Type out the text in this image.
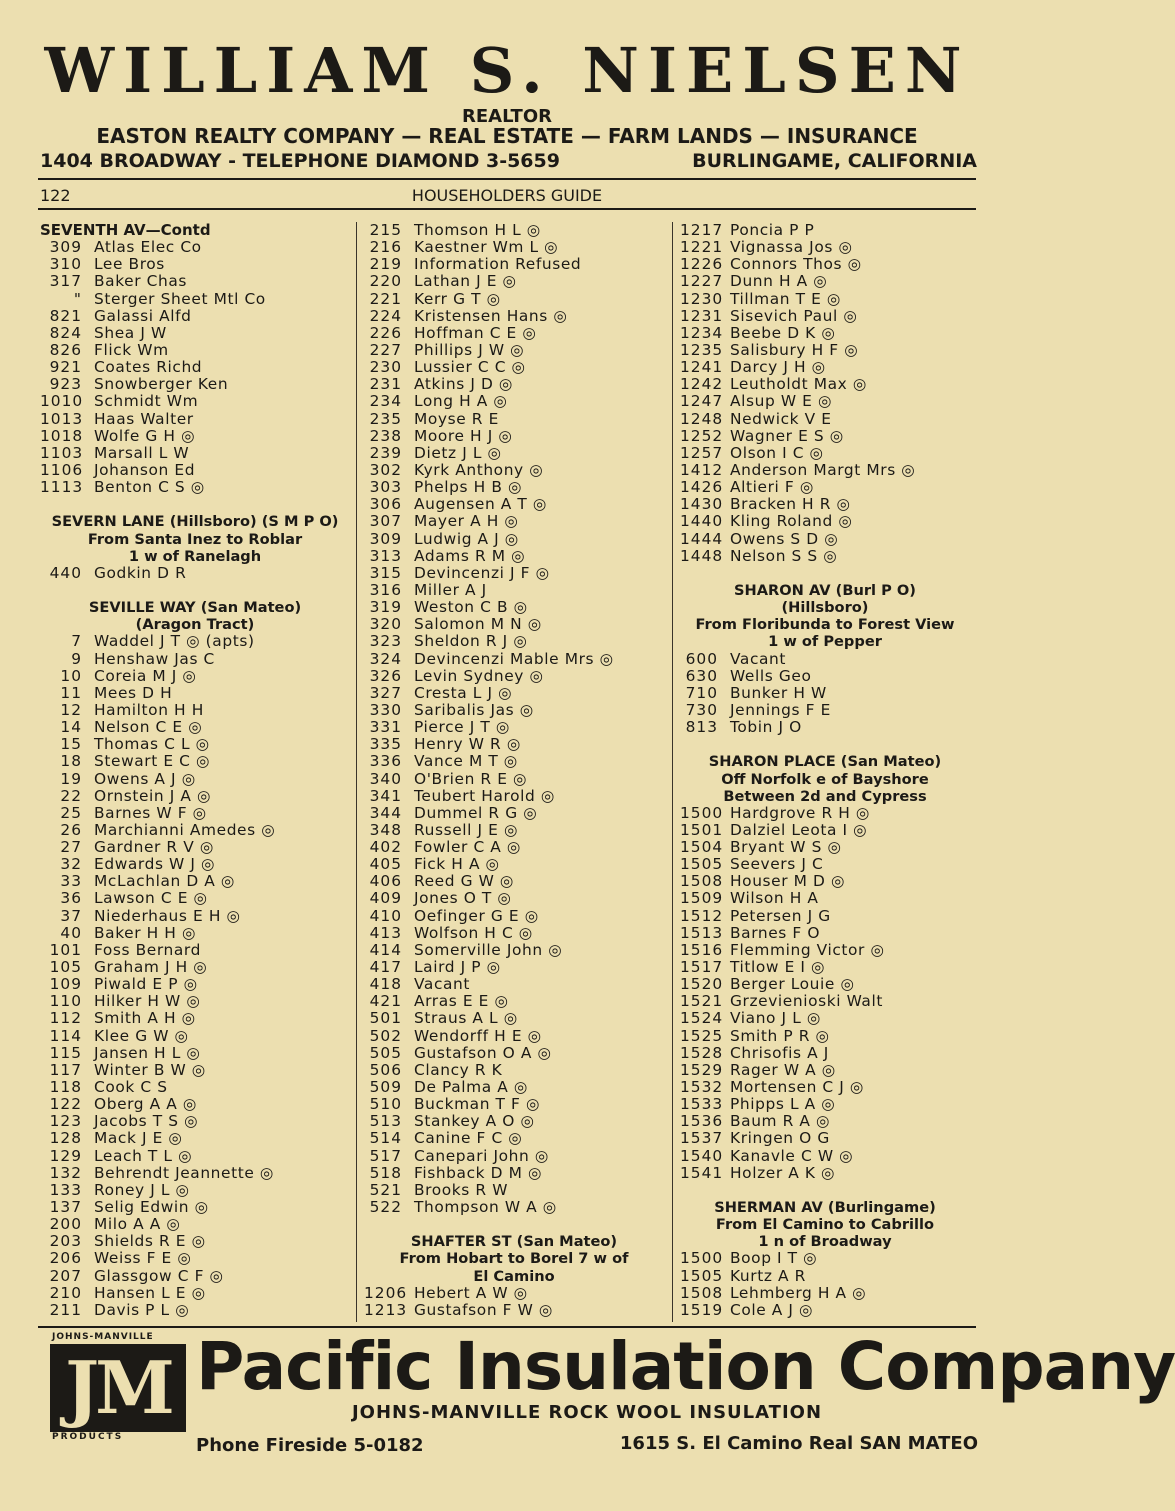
WILLIAM S. NIELSEN
REALTOR
EASTON REALTY COMPANY — REAL ESTATE — FARM LANDS — INSURANCE
1404 BROADWAY - TELEPHONE DIAMOND 3-5659	BURLINGAME, CALIFORNIA
122	HOUSEHOLDERS GUIDE
SEVENTH AV—Contd
309 Atlas Elec Co
310 Lee Bros
317 Baker Chas
" Sterger Sheet Mtl Co
821 Galassi Alfd
824 Shea J W
826 Flick Wm
921 Coates Richd
923 Snowberger Ken
1010 Schmidt Wm
1013 Haas Walter
1018 Wolfe G H ◎
1103 Marsall L W
1106 Johanson Ed
1113 Benton C S ◎
SEVERN LANE (Hillsboro) (S M P O)
From Santa Inez to Roblar
1 w of Ranelagh
440 Godkin D R
SEVILLE WAY (San Mateo)
(Aragon Tract)
7 Waddel J T ◎ (apts)
9 Henshaw Jas C
10 Coreia M J ◎
11 Mees D H
12 Hamilton H H
14 Nelson C E ◎
15 Thomas C L ◎
18 Stewart E C ◎
19 Owens A J ◎
22 Ornstein J A ◎
25 Barnes W F ◎
26 Marchianni Amedes ◎
27 Gardner R V ◎
32 Edwards W J ◎
33 McLachlan D A ◎
36 Lawson C E ◎
37 Niederhaus E H ◎
40 Baker H H ◎
101 Foss Bernard
105 Graham J H ◎
109 Piwald E P ◎
110 Hilker H W ◎
112 Smith A H ◎
114 Klee G W ◎
115 Jansen H L ◎
117 Winter B W ◎
118 Cook C S
122 Oberg A A ◎
123 Jacobs T S ◎
128 Mack J E ◎
129 Leach T L ◎
132 Behrendt Jeannette ◎
133 Roney J L ◎
137 Selig Edwin ◎
200 Milo A A ◎
203 Shields R E ◎
206 Weiss F E ◎
207 Glassgow C F ◎
210 Hansen L E ◎
211 Davis P L ◎
215 Thomson H L ◎
216 Kaestner Wm L ◎
219 Information Refused
220 Lathan J E ◎
221 Kerr G T ◎
224 Kristensen Hans ◎
226 Hoffman C E ◎
227 Phillips J W ◎
230 Lussier C C ◎
231 Atkins J D ◎
234 Long H A ◎
235 Moyse R E
238 Moore H J ◎
239 Dietz J L ◎
302 Kyrk Anthony ◎
303 Phelps H B ◎
306 Augensen A T ◎
307 Mayer A H ◎
309 Ludwig A J ◎
313 Adams R M ◎
315 Devincenzi J F ◎
316 Miller A J
319 Weston C B ◎
320 Salomon M N ◎
323 Sheldon R J ◎
324 Devincenzi Mable Mrs ◎
326 Levin Sydney ◎
327 Cresta L J ◎
330 Saribalis Jas ◎
331 Pierce J T ◎
335 Henry W R ◎
336 Vance M T ◎
340 O'Brien R E ◎
341 Teubert Harold ◎
344 Dummel R G ◎
348 Russell J E ◎
402 Fowler C A ◎
405 Fick H A ◎
406 Reed G W ◎
409 Jones O T ◎
410 Oefinger G E ◎
413 Wolfson H C ◎
414 Somerville John ◎
417 Laird J P ◎
418 Vacant
421 Arras E E ◎
501 Straus A L ◎
502 Wendorff H E ◎
505 Gustafson O A ◎
506 Clancy R K
509 De Palma A ◎
510 Buckman T F ◎
513 Stankey A O ◎
514 Canine F C ◎
517 Canepari John ◎
518 Fishback D M ◎
521 Brooks R W
522 Thompson W A ◎
SHAFTER ST (San Mateo)
From Hobart to Borel 7 w of
El Camino
1206 Hebert A W ◎
1213 Gustafson F W ◎
1217 Poncia P P
1221 Vignassa Jos ◎
1226 Connors Thos ◎
1227 Dunn H A ◎
1230 Tillman T E ◎
1231 Sisevich Paul ◎
1234 Beebe D K ◎
1235 Salisbury H F ◎
1241 Darcy J H ◎
1242 Leutholdt Max ◎
1247 Alsup W E ◎
1248 Nedwick V E
1252 Wagner E S ◎
1257 Olson I C ◎
1412 Anderson Margt Mrs ◎
1426 Altieri F ◎
1430 Bracken H R ◎
1440 Kling Roland ◎
1444 Owens S D ◎
1448 Nelson S S ◎
SHARON AV (Burl P O)
(Hillsboro)
From Floribunda to Forest View
1 w of Pepper
600 Vacant
630 Wells Geo
710 Bunker H W
730 Jennings F E
813 Tobin J O
SHARON PLACE (San Mateo)
Off Norfolk e of Bayshore
Between 2d and Cypress
1500 Hardgrove R H ◎
1501 Dalziel Leota I ◎
1504 Bryant W S ◎
1505 Seevers J C
1508 Houser M D ◎
1509 Wilson H A
1512 Petersen J G
1513 Barnes F O
1516 Flemming Victor ◎
1517 Titlow E I ◎
1520 Berger Louie ◎
1521 Grzevienioski Walt
1524 Viano J L ◎
1525 Smith P R ◎
1528 Chrisofis A J
1529 Rager W A ◎
1532 Mortensen C J ◎
1533 Phipps L A ◎
1536 Baum R A ◎
1537 Kringen O G
1540 Kanavle C W ◎
1541 Holzer A K ◎
SHERMAN AV (Burlingame)
From El Camino to Cabrillo
1 n of Broadway
1500 Boop I T ◎
1505 Kurtz A R
1508 Lehmberg H A ◎
1519 Cole A J ◎
JOHNS-MANVILLE
JM
PRODUCTS
Pacific Insulation Company
JOHNS-MANVILLE ROCK WOOL INSULATION
Phone Fireside 5-0182	1615 S. El Camino Real SAN MATEO
